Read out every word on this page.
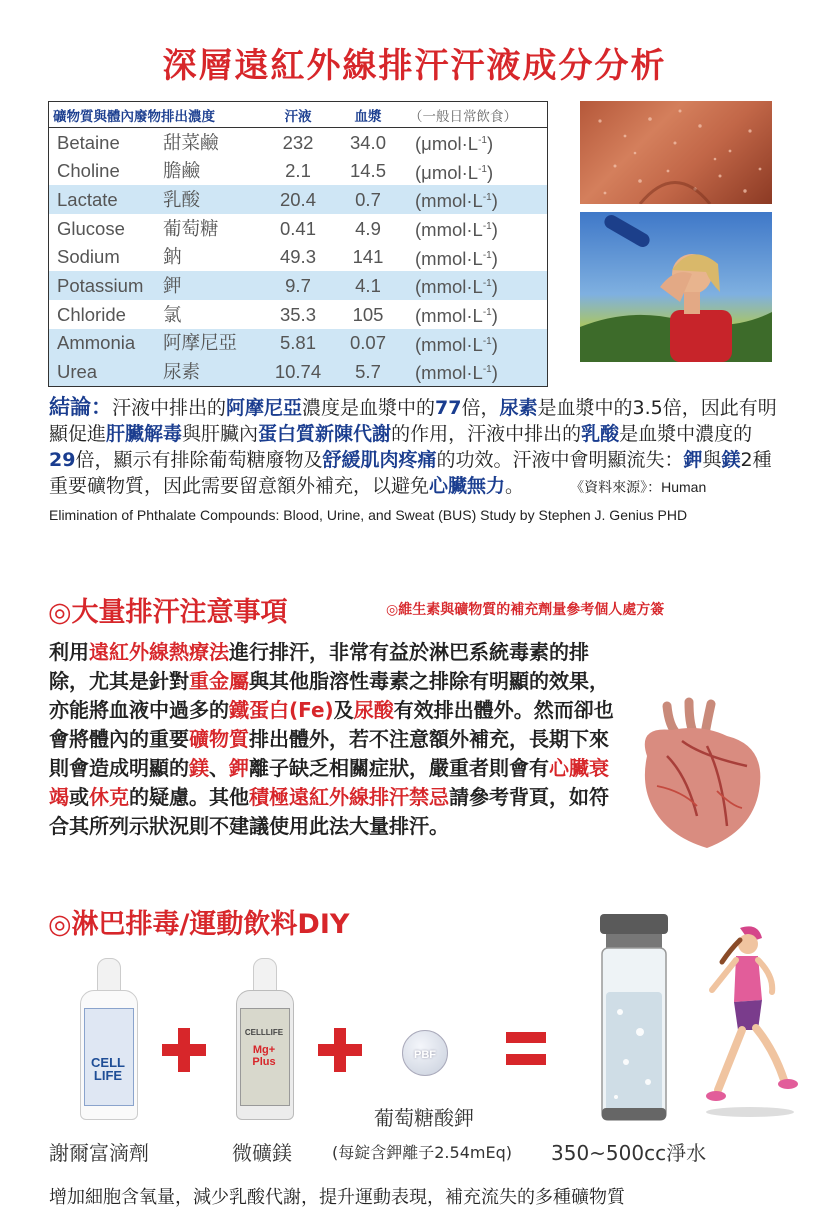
深層遠紅外線排汗汗液成分分析
礦物質與體內廢物排出濃度		汗液	血漿	（一般日常飲食）
Betaine	甜菜鹼	232	34.0	$(\mu mol\cdot L^{-1})$
Choline	膽鹼	2.1	14.5	$(\mu mol\cdot L^{-1})$
Lactate	乳酸	20.4	0.7	$(mmol\cdot L^{-1})$
Glucose	葡萄糖	0.41	4.9	$(mmol\cdot L^{-1})$
Sodium	鈉	49.3	141	$(mmol\cdot L^{-1})$
Potassium	鉀	9.7	4.1	$(mmol\cdot L^{-1})$
Chloride	氯	35.3	105	$(mmol\cdot L^{-1})$
Ammonia	阿摩尼亞	5.81	0.07	$(mmol\cdot L^{-1})$
Urea	尿素	10.74	5.7	$(mmol\cdot L^{-1})$
結論：汗液中排出的阿摩尼亞濃度是血漿中的77倍，尿素是血漿中的3.5倍，因此有明顯促進肝臟解毒與肝臟內蛋白質新陳代謝的作用，汗液中排出的乳酸是血漿中濃度的29倍，顯示有排除葡萄糖廢物及舒緩肌肉疼痛的功效。汗液中會明顯流失：鉀與鎂2種重要礦物質，因此需要留意額外補充，以避免心臟無力。	《資料來源》：Human Elimination of Phthalate Compounds: Blood, Urine, and Sweat (BUS) Study by Stephen J. Genius PHD
◎大量排汗注意事項	◎維生素與礦物質的補充劑量參考個人處方簽
利用遠紅外線熱療法進行排汗，非常有益於淋巴系統毒素的排除，尤其是針對重金屬與其他脂溶性毒素之排除有明顯的效果，亦能將血液中過多的鐵蛋白(Fe)及尿酸有效排出體外。然而卻也會將體內的重要礦物質排出體外，若不注意額外補充，長期下來則會造成明顯的鎂、鉀離子缺乏相關症狀，嚴重者則會有心臟衰竭或休克的疑慮。其他積極遠紅外線排汗禁忌請參考背頁，如符合其所列示狀況則不建議使用此法大量排汗。
◎淋巴排毒/運動飲料DIY
CELL
LIFE
CELLLIFE
Mg+ Plus
PBF
葡萄糖酸鉀
謝爾富滴劑	微礦鎂	(每錠含鉀離子2.54mEq) 350~500cc淨水
增加細胞含氧量，減少乳酸代謝，提升運動表現，補充流失的多種礦物質
